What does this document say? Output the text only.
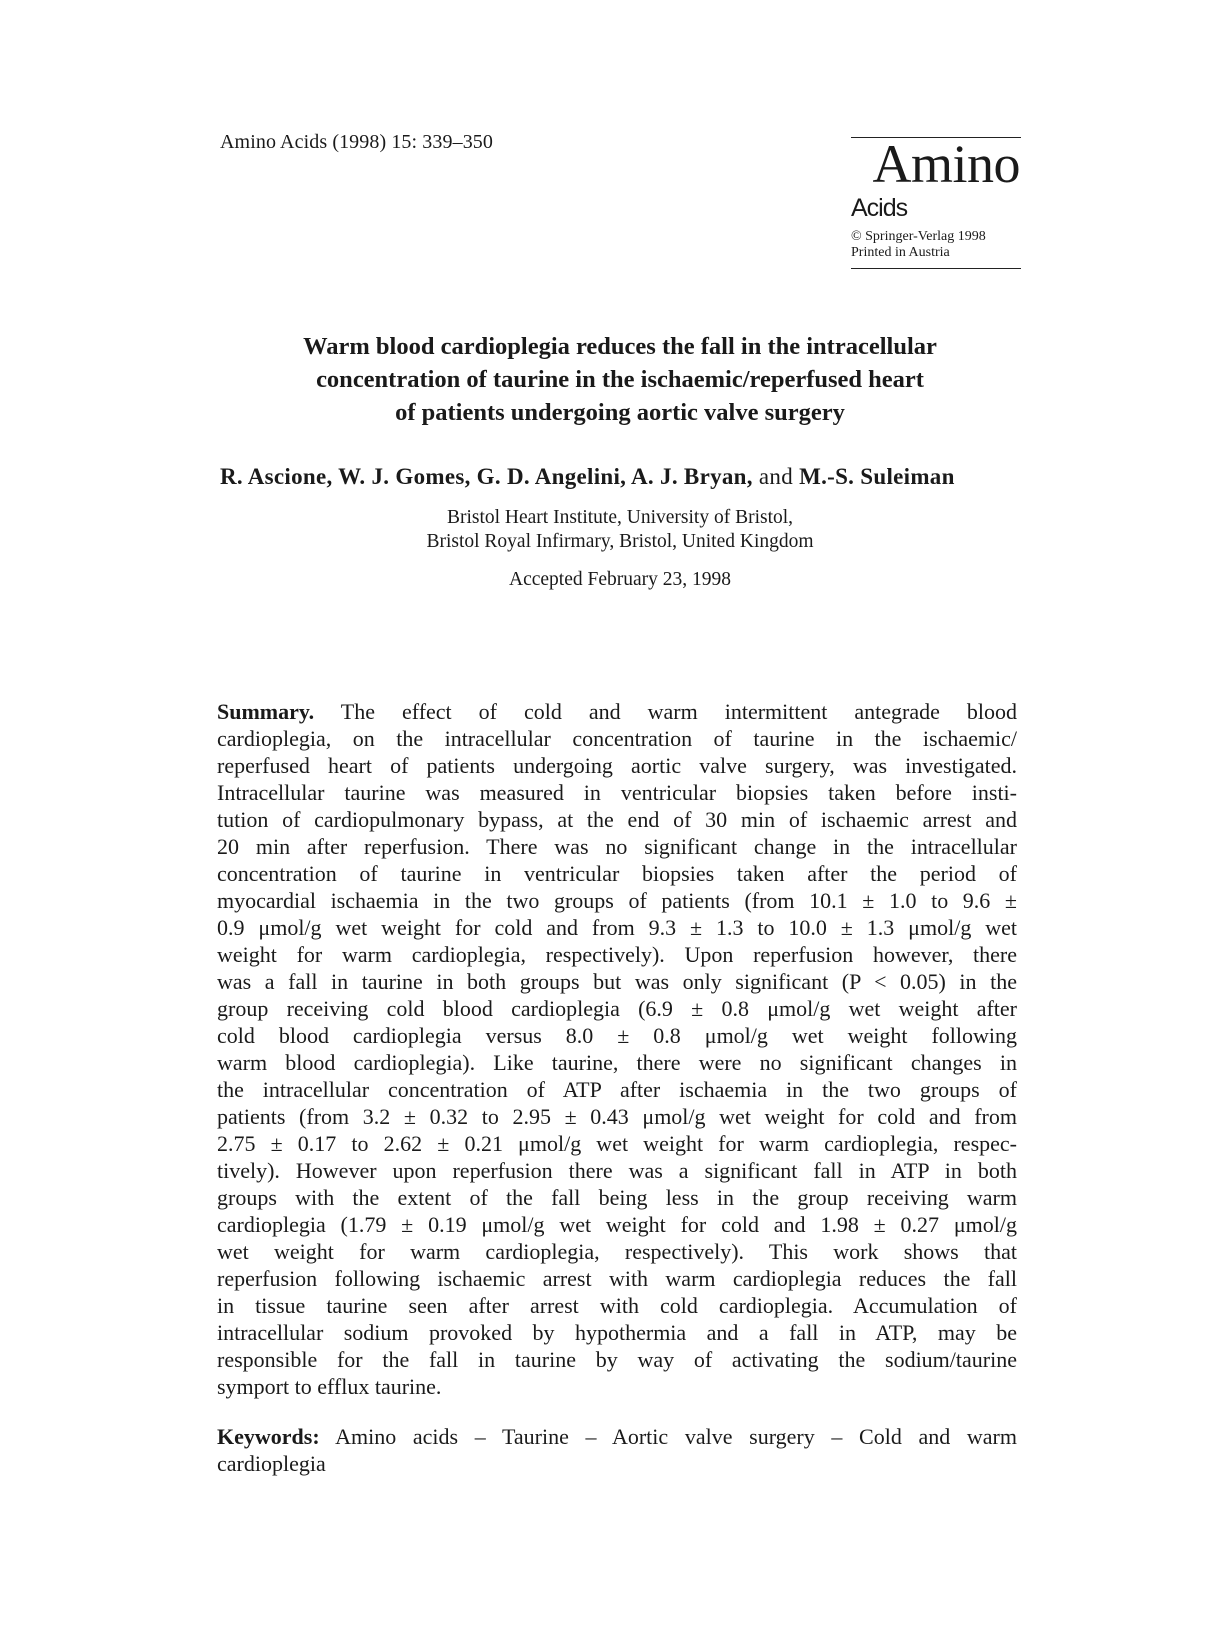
Amino Acids (1998) 15: 339–350	Amino
Acids
© Springer-Verlag 1998
Printed in Austria
Warm blood cardioplegia reduces the fall in the intracellular
concentration of taurine in the ischaemic/reperfused heart
of patients undergoing aortic valve surgery
R. Ascione, W. J. Gomes, G. D. Angelini, A. J. Bryan, and M.-S. Suleiman
Bristol Heart Institute, University of Bristol,
Bristol Royal Infirmary, Bristol, United Kingdom
Accepted February 23, 1998
Summary. The effect of cold and warm intermittent antegrade blood
cardioplegia, on the intracellular concentration of taurine in the ischaemic/
reperfused heart of patients undergoing aortic valve surgery, was investigated.
Intracellular taurine was measured in ventricular biopsies taken before insti-
tution of cardiopulmonary bypass, at the end of 30 min of ischaemic arrest and
20 min after reperfusion. There was no significant change in the intracellular
concentration of taurine in ventricular biopsies taken after the period of
myocardial ischaemia in the two groups of patients (from 10.1 ± 1.0 to 9.6 ±
0.9 μmol/g wet weight for cold and from 9.3 ± 1.3 to 10.0 ± 1.3 μmol/g wet
weight for warm cardioplegia, respectively). Upon reperfusion however, there
was a fall in taurine in both groups but was only significant (P < 0.05) in the
group receiving cold blood cardioplegia (6.9 ± 0.8 μmol/g wet weight after
cold blood cardioplegia versus 8.0 ± 0.8 μmol/g wet weight following
warm blood cardioplegia). Like taurine, there were no significant changes in
the intracellular concentration of ATP after ischaemia in the two groups of
patients (from 3.2 ± 0.32 to 2.95 ± 0.43 μmol/g wet weight for cold and from
2.75 ± 0.17 to 2.62 ± 0.21 μmol/g wet weight for warm cardioplegia, respec-
tively). However upon reperfusion there was a significant fall in ATP in both
groups with the extent of the fall being less in the group receiving warm
cardioplegia (1.79 ± 0.19 μmol/g wet weight for cold and 1.98 ± 0.27 μmol/g
wet weight for warm cardioplegia, respectively). This work shows that
reperfusion following ischaemic arrest with warm cardioplegia reduces the fall
in tissue taurine seen after arrest with cold cardioplegia. Accumulation of
intracellular sodium provoked by hypothermia and a fall in ATP, may be
responsible for the fall in taurine by way of activating the sodium/taurine
symport to efflux taurine.
Keywords: Amino acids – Taurine – Aortic valve surgery – Cold and warm
cardioplegia
